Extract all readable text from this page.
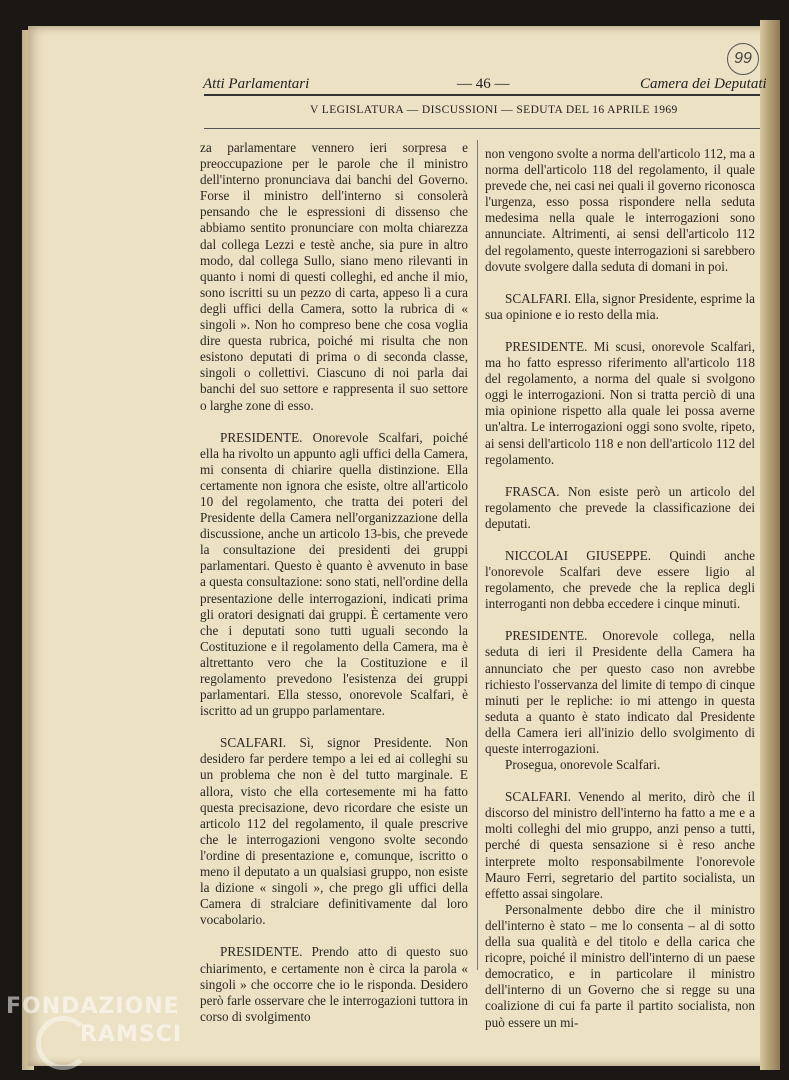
Atti Parlamentari	— 46 —	Camera dei Deputati
99
V LEGISLATURA — DISCUSSIONI — SEDUTA DEL 16 APRILE 1969

za parlamentare vennero ieri sorpresa e preoccupazione per le parole che il ministro dell'interno pronunciava dai banchi del Governo. Forse il ministro dell'interno si consolerà pensando che le espressioni di dissenso che abbiamo sentito pronunciare con molta chiarezza dal collega Lezzi e testè anche, sia pure in altro modo, dal collega Sullo, siano meno rilevanti in quanto i nomi di questi colleghi, ed anche il mio, sono iscritti su un pezzo di carta, appeso lì a cura degli uffici della Camera, sotto la rubrica di « singoli ». Non ho compreso bene che cosa voglia dire questa rubrica, poiché mi risulta che non esistono deputati di prima o di seconda classe, singoli o collettivi. Ciascuno di noi parla dai banchi del suo settore e rappresenta il suo settore o larghe zone di esso.

PRESIDENTE. Onorevole Scalfari, poiché ella ha rivolto un appunto agli uffici della Camera, mi consenta di chiarire quella distinzione. Ella certamente non ignora che esiste, oltre all'articolo 10 del regolamento, che tratta dei poteri del Presidente della Camera nell'organizzazione della discussione, anche un articolo 13-bis, che prevede la consultazione dei presidenti dei gruppi parlamentari. Questo è quanto è avvenuto in base a questa consultazione: sono stati, nell'ordine della presentazione delle interrogazioni, indicati prima gli oratori designati dai gruppi. È certamente vero che i deputati sono tutti uguali secondo la Costituzione e il regolamento della Camera, ma è altrettanto vero che la Costituzione e il regolamento prevedono l'esistenza dei gruppi parlamentari. Ella stesso, onorevole Scalfari, è iscritto ad un gruppo parlamentare.

SCALFARI. Sì, signor Presidente. Non desidero far perdere tempo a lei ed ai colleghi su un problema che non è del tutto marginale. E allora, visto che ella cortesemente mi ha fatto questa precisazione, devo ricordare che esiste un articolo 112 del regolamento, il quale prescrive che le interrogazioni vengono svolte secondo l'ordine di presentazione e, comunque, iscritto o meno il deputato a un qualsiasi gruppo, non esiste la dizione « singoli », che prego gli uffici della Camera di stralciare definitivamente dal loro vocabolario.

PRESIDENTE. Prendo atto di questo suo chiarimento, e certamente non è circa la parola « singoli » che occorre che io le risponda. Desidero però farle osservare che le interrogazioni tuttora in corso di svolgimento

non vengono svolte a norma dell'articolo 112, ma a norma dell'articolo 118 del regolamento, il quale prevede che, nei casi nei quali il governo riconosca l'urgenza, esso possa rispondere nella seduta medesima nella quale le interrogazioni sono annunciate. Altrimenti, ai sensi dell'articolo 112 del regolamento, queste interrogazioni si sarebbero dovute svolgere dalla seduta di domani in poi.

SCALFARI. Ella, signor Presidente, esprime la sua opinione e io resto della mia.

PRESIDENTE. Mi scusi, onorevole Scalfari, ma ho fatto espresso riferimento all'articolo 118 del regolamento, a norma del quale si svolgono oggi le interrogazioni. Non si tratta perciò di una mia opinione rispetto alla quale lei possa averne un'altra. Le interrogazioni oggi sono svolte, ripeto, ai sensi dell'articolo 118 e non dell'articolo 112 del regolamento.

FRASCA. Non esiste però un articolo del regolamento che prevede la classificazione dei deputati.

NICCOLAI GIUSEPPE. Quindi anche l'onorevole Scalfari deve essere ligio al regolamento, che prevede che la replica degli interroganti non debba eccedere i cinque minuti.

PRESIDENTE. Onorevole collega, nella seduta di ieri il Presidente della Camera ha annunciato che per questo caso non avrebbe richiesto l'osservanza del limite di tempo di cinque minuti per le repliche: io mi attengo in questa seduta a quanto è stato indicato dal Presidente della Camera ieri all'inizio dello svolgimento di queste interrogazioni.

Prosegua, onorevole Scalfari.

SCALFARI. Venendo al merito, dirò che il discorso del ministro dell'interno ha fatto a me e a molti colleghi del mio gruppo, anzi penso a tutti, perché di questa sensazione si è reso anche interprete molto responsabilmente l'onorevole Mauro Ferri, segretario del partito socialista, un effetto assai singolare.

Personalmente debbo dire che il ministro dell'interno è stato – me lo consenta – al di sotto della sua qualità e del titolo e della carica che ricopre, poiché il ministro dell'interno di un paese democratico, e in particolare il ministro dell'interno di un Governo che si regge su una coalizione di cui fa parte il partito socialista, non può essere un mi-

FONDAZIONE
RAMSCI
